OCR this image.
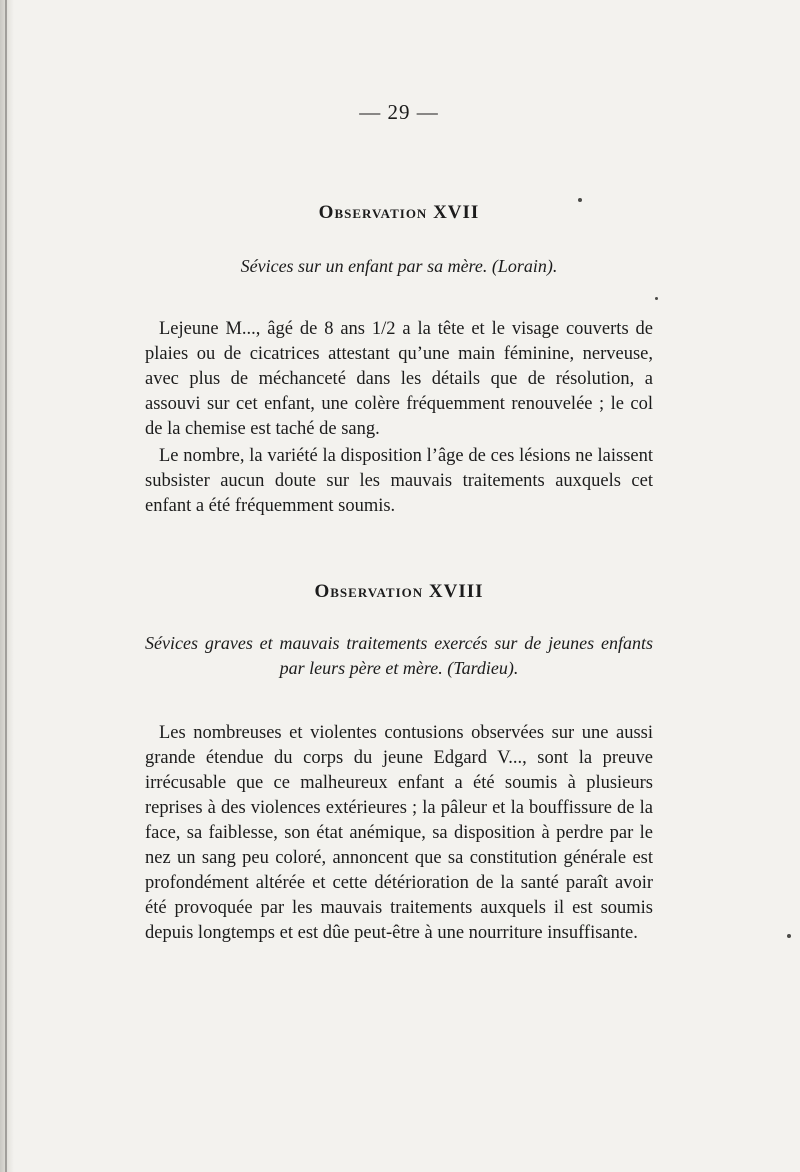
— 29 —

Observation XVII

Sévices sur un enfant par sa mère. (Lorain).

Lejeune M..., âgé de 8 ans 1/2 a la tête et le visage couverts de plaies ou de cicatrices attestant qu’une main féminine, nerveuse, avec plus de méchanceté dans les détails que de résolution, a assouvi sur cet enfant, une colère fréquemment renouvelée ; le col de la chemise est taché de sang.

Le nombre, la variété la disposition l’âge de ces lésions ne laissent subsister aucun doute sur les mauvais traitements auxquels cet enfant a été fréquemment soumis.

Observation XVIII

Sévices graves et mauvais traitements exercés sur de jeunes enfants par leurs père et mère. (Tardieu).

Les nombreuses et violentes contusions observées sur une aussi grande étendue du corps du jeune Edgard V..., sont la preuve irrécusable que ce malheureux enfant a été soumis à plusieurs reprises à des violences extérieures ; la pâleur et la bouffissure de la face, sa faiblesse, son état anémique, sa disposition à perdre par le nez un sang peu coloré, annoncent que sa constitution générale est profondément altérée et cette détérioration de la santé paraît avoir été provoquée par les mauvais traitements auxquels il est soumis depuis longtemps et est dûe peut-être à une nourriture insuffisante.
